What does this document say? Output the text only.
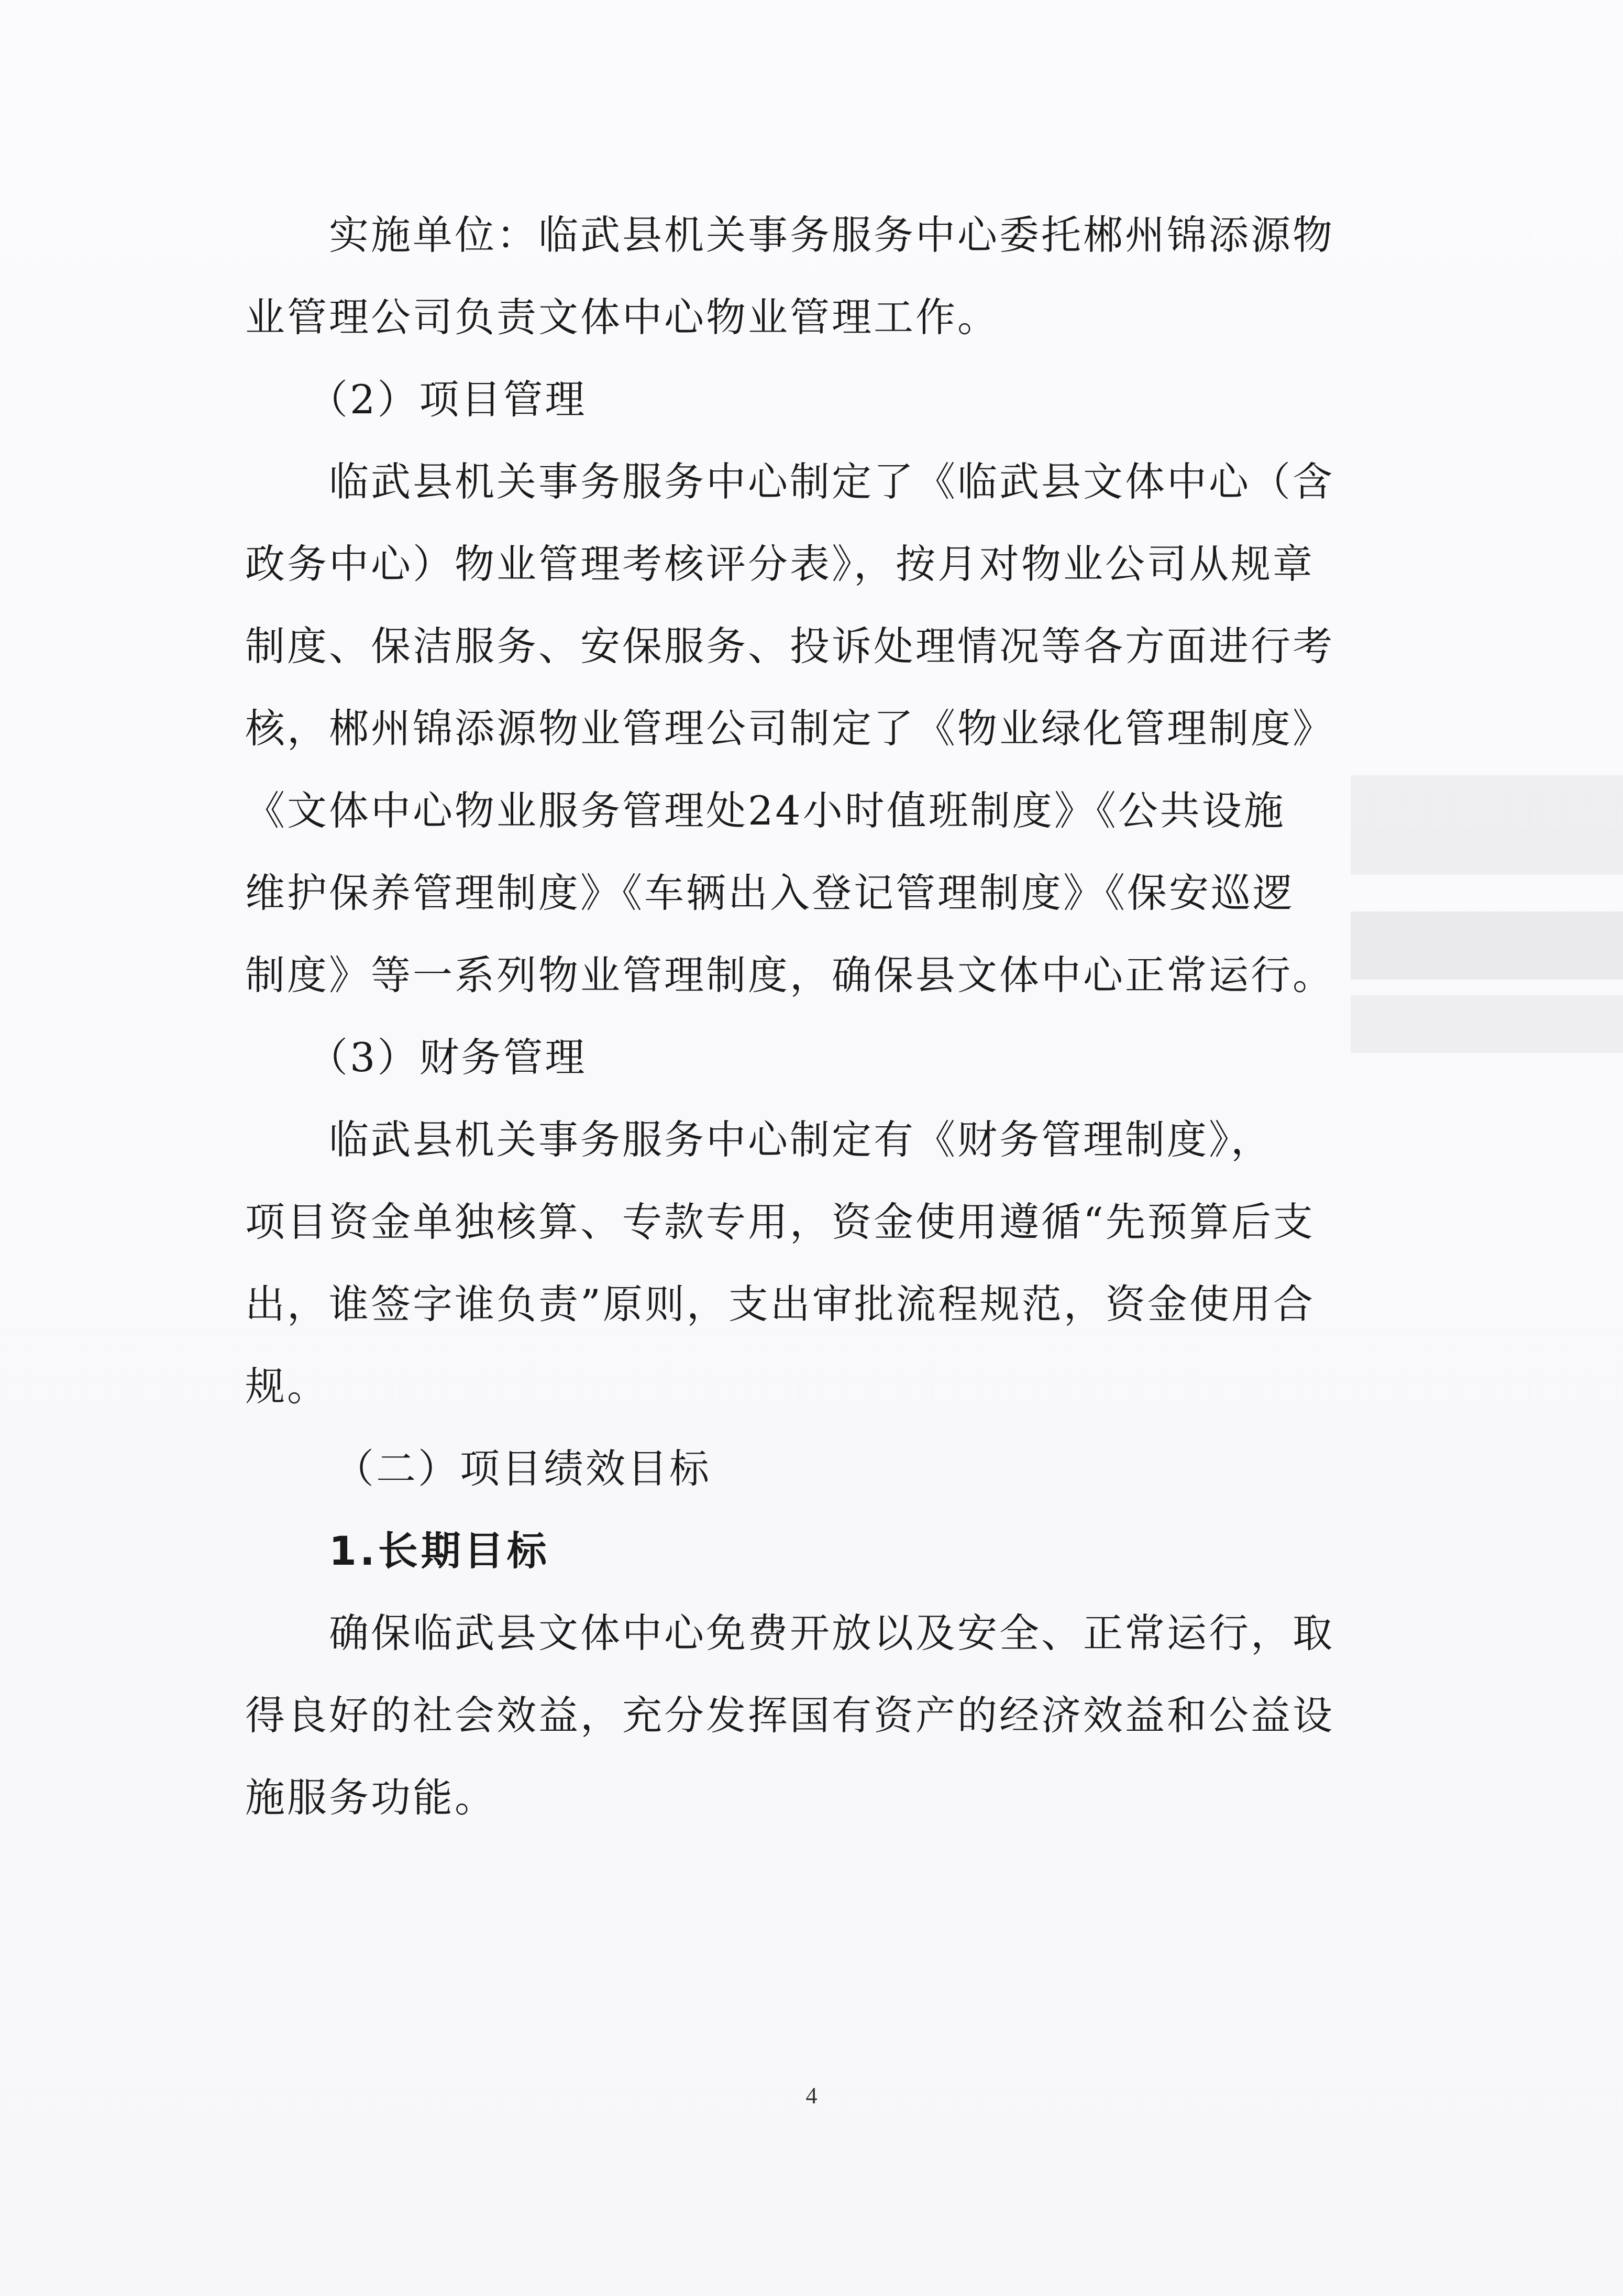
实施单位：临武县机关事务服务中心委托郴州锦添源物
业管理公司负责文体中心物业管理工作。
（2）项目管理
临武县机关事务服务中心制定了《临武县文体中心（含
政务中心）物业管理考核评分表》，按月对物业公司从规章
制度、保洁服务、安保服务、投诉处理情况等各方面进行考
核，郴州锦添源物业管理公司制定了《物业绿化管理制度》
《文体中心物业服务管理处24小时值班制度》《公共设施
维护保养管理制度》《车辆出入登记管理制度》《保安巡逻
制度》等一系列物业管理制度，确保县文体中心正常运行。
（3）财务管理
临武县机关事务服务中心制定有《财务管理制度》，
项目资金单独核算、专款专用，资金使用遵循“先预算后支
出，谁签字谁负责”原则，支出审批流程规范，资金使用合
规。
（二）项目绩效目标
1.长期目标
确保临武县文体中心免费开放以及安全、正常运行，取
得良好的社会效益，充分发挥国有资产的经济效益和公益设
施服务功能。
4
